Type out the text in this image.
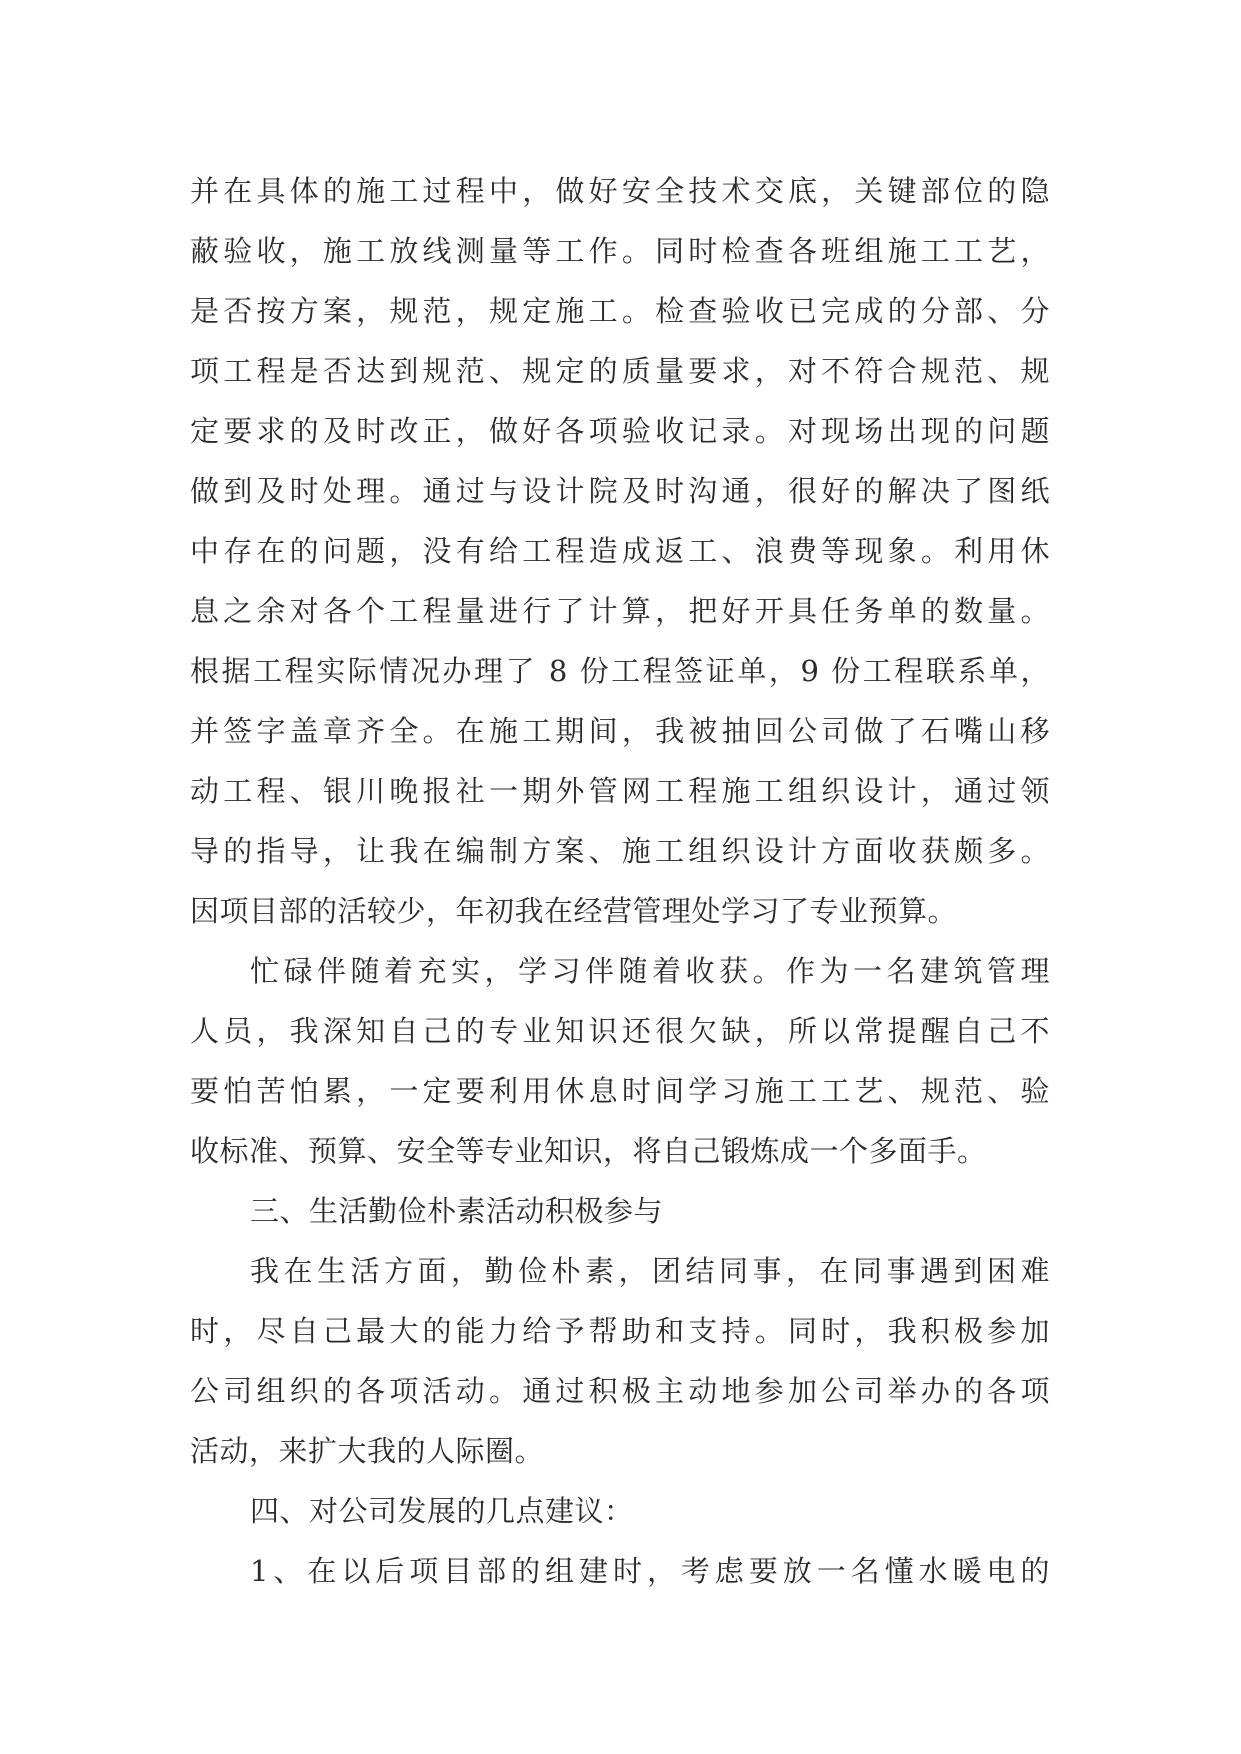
并在具体的施工过程中，做好安全技术交底，关键部位的隐
蔽验收，施工放线测量等工作。同时检查各班组施工工艺，
是否按方案，规范，规定施工。检查验收已完成的分部、分
项工程是否达到规范、规定的质量要求，对不符合规范、规
定要求的及时改正，做好各项验收记录。对现场出现的问题
做到及时处理。通过与设计院及时沟通，很好的解决了图纸
中存在的问题，没有给工程造成返工、浪费等现象。利用休
息之余对各个工程量进行了计算，把好开具任务单的数量。
根据工程实际情况办理了 8 份工程签证单，9 份工程联系单，
并签字盖章齐全。在施工期间，我被抽回公司做了石嘴山移
动工程、银川晚报社一期外管网工程施工组织设计，通过领
导的指导，让我在编制方案、施工组织设计方面收获颇多。
因项目部的活较少，年初我在经营管理处学习了专业预算。
忙碌伴随着充实，学习伴随着收获。作为一名建筑管理
人员，我深知自己的专业知识还很欠缺，所以常提醒自己不
要怕苦怕累，一定要利用休息时间学习施工工艺、规范、验
收标准、预算、安全等专业知识，将自己锻炼成一个多面手。
三、生活勤俭朴素活动积极参与
我在生活方面，勤俭朴素，团结同事，在同事遇到困难
时，尽自己最大的能力给予帮助和支持。同时，我积极参加
公司组织的各项活动。通过积极主动地参加公司举办的各项
活动，来扩大我的人际圈。
四、对公司发展的几点建议：
1、在以后项目部的组建时，考虑要放一名懂水暖电的
